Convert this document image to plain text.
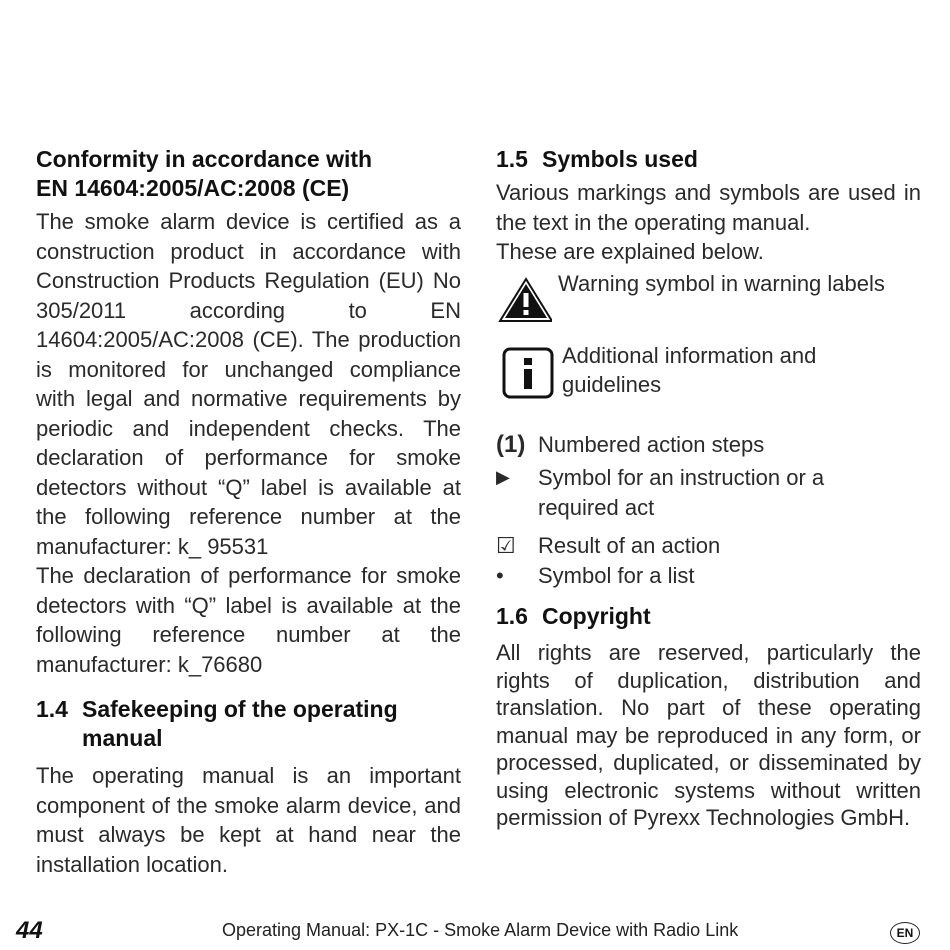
Conformity in accordance with
EN 14604:2005/AC:2008 (CE)

The smoke alarm device is certified as a construction product in accordance with Construction Products Regulation (EU) No 305/2011 according to EN 14604:2005/AC:2008 (CE). The production is monitored for unchanged compliance with legal and normative requirements by periodic and independent checks. The declaration of performance for smoke detectors without “Q” label is available at the following reference number at the manufacturer: k_ 95531

The declaration of performance for smoke detectors with “Q” label is available at the following reference number at the manufacturer: k_76680

1.4 Safekeeping of the operating
manual

The operating manual is an important component of the smoke alarm device, and must always be kept at hand near the installation location.

1.5 Symbols used

Various markings and symbols are used in the text in the operating manual.

These are explained below.

Warning symbol in warning labels
Additional information and guidelines
(1) Numbered action steps
▶	Symbol for an instruction or a required act
☑	Result of an action
•	Symbol for a list
1.6 Copyright

All rights are reserved, particularly the rights of duplication, distribution and translation. No part of these operating manual may be reproduced in any form, or processed, duplicated, or disseminated by using electronic systems without written permission of Pyrexx Technologies GmbH.

44	Operating Manual: PX-1C - Smoke Alarm Device with Radio Link	EN
